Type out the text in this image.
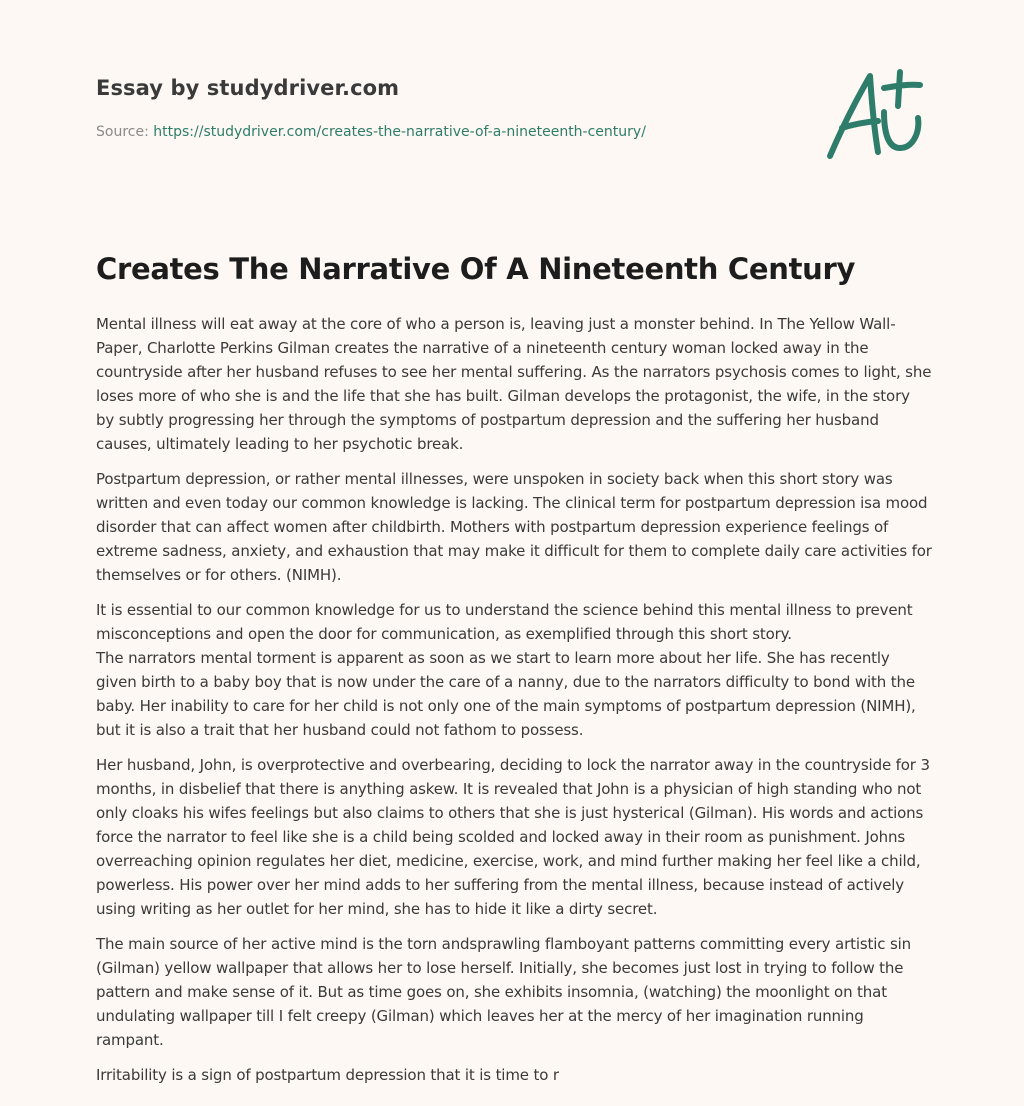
Essay by studydriver.com
Source: https://studydriver.com/creates-the-narrative-of-a-nineteenth-century/
Creates The Narrative Of A Nineteenth Century

Mental illness will eat away at the core of who a person is, leaving just a monster behind. In The Yellow Wall-Paper, Charlotte Perkins Gilman creates the narrative of a nineteenth century woman locked away in the countryside after her husband refuses to see her mental suffering. As the narrators psychosis comes to light, she loses more of who she is and the life that she has built. Gilman develops the protagonist, the wife, in the story by subtly progressing her through the symptoms of postpartum depression and the suffering her husband causes, ultimately leading to her psychotic break.

Postpartum depression, or rather mental illnesses, were unspoken in society back when this short story was written and even today our common knowledge is lacking. The clinical term for postpartum depression isa mood disorder that can affect women after childbirth. Mothers with postpartum depression experience feelings of extreme sadness, anxiety, and exhaustion that may make it difficult for them to complete daily care activities for themselves or for others. (NIMH).

It is essential to our common knowledge for us to understand the science behind this mental illness to prevent misconceptions and open the door for communication, as exemplified through this short story.

The narrators mental torment is apparent as soon as we start to learn more about her life. She has recently given birth to a baby boy that is now under the care of a nanny, due to the narrators difficulty to bond with the baby. Her inability to care for her child is not only one of the main symptoms of postpartum depression (NIMH), but it is also a trait that her husband could not fathom to possess.

Her husband, John, is overprotective and overbearing, deciding to lock the narrator away in the countryside for 3 months, in disbelief that there is anything askew. It is revealed that John is a physician of high standing who not only cloaks his wifes feelings but also claims to others that she is just hysterical (Gilman). His words and actions force the narrator to feel like she is a child being scolded and locked away in their room as punishment. Johns overreaching opinion regulates her diet, medicine, exercise, work, and mind further making her feel like a child, powerless. His power over her mind adds to her suffering from the mental illness, because instead of actively using writing as her outlet for her mind, she has to hide it like a dirty secret.

The main source of her active mind is the torn andsprawling flamboyant patterns committing every artistic sin (Gilman) yellow wallpaper that allows her to lose herself. Initially, she becomes just lost in trying to follow the pattern and make sense of it. But as time goes on, she exhibits insomnia, (watching) the moonlight on that undulating wallpaper till I felt creepy (Gilman) which leaves her at the mercy of her imagination running rampant.

Irritability is a sign of postpartum depression that it is time to r
